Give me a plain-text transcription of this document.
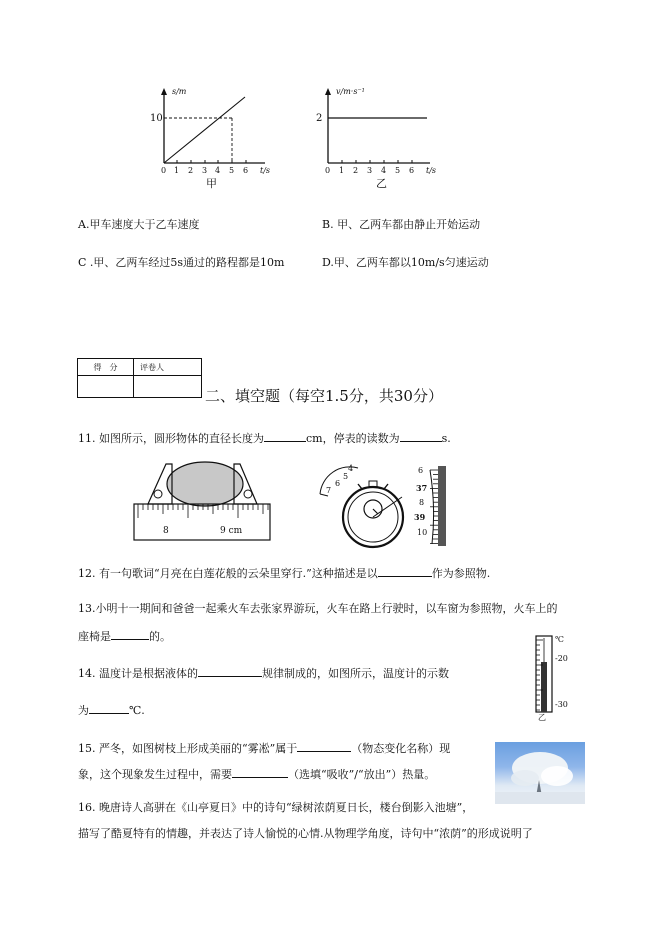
s/m
10
0 1 2 3 4 5 6 t/s
甲
v/m·s⁻¹
2
0 1 2 3 4 5 6 t/s
乙
A.甲车速度大于乙车速度	B. 甲、乙两车都由静止开始运动
C .甲、乙两车经过5s通过的路程都是10m	D.甲、乙两车都以10m/s匀速运动
得　分	评卷人

二、填空题（每空1.5分，共30分）
11. 如图所示，圆形物体的直径长度为	cm，停表的读数为	s.
8	9 cm
4
5
6
7
6
37
8
39
10
12. 有一句歌词“月亮在白莲花般的云朵里穿行.”这种描述是以	作为参照物.
13.小明十一期间和爸爸一起乘火车去张家界游玩，火车在路上行驶时，以车窗为参照物，火车上的
座椅是	的。
14. 温度计是根据液体的	规律制成的，如图所示，温度计的示数
为	℃.
℃
-20
-30
乙
15. 严冬，如图树枝上形成美丽的“雾凇”属于	（物态变化名称）现
象，这个现象发生过程中，需要	（选填“吸收”/“放出”）热量。
16. 晚唐诗人高骈在《山亭夏日》中的诗句“绿树浓荫夏日长，楼台倒影入池塘”，
描写了酷夏特有的情趣，并表达了诗人愉悦的心情.从物理学角度，诗句中“浓荫”的形成说明了
